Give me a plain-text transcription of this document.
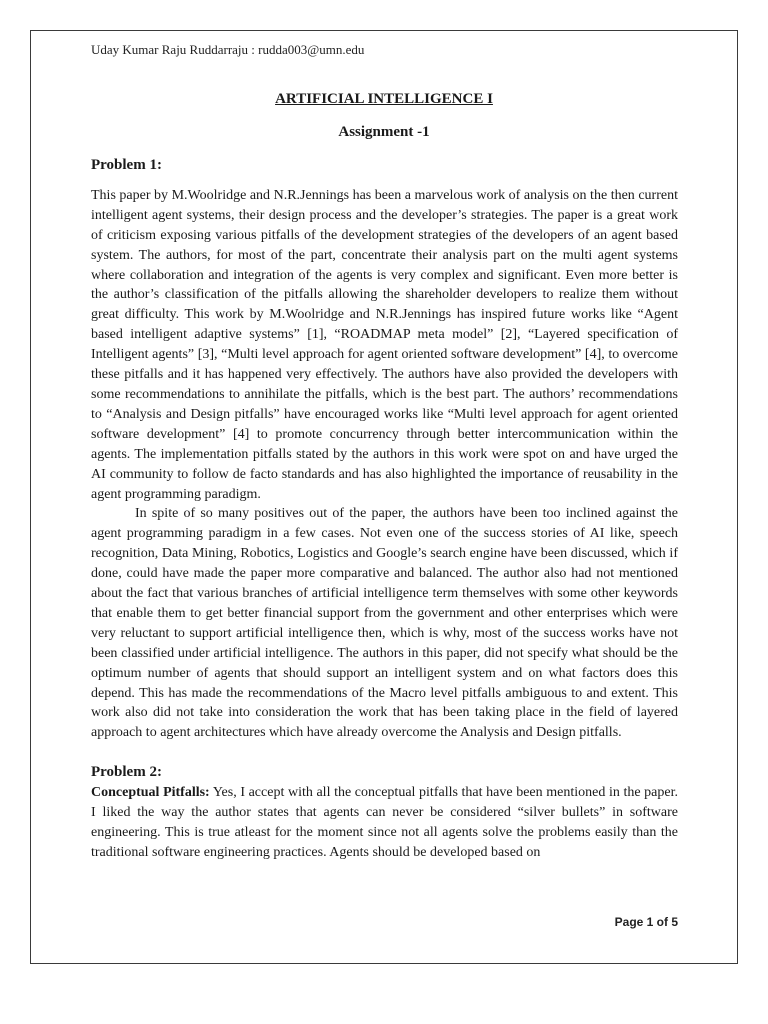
Uday Kumar Raju Ruddarraju : rudda003@umn.edu
ARTIFICIAL INTELLIGENCE I
Assignment -1
Problem 1:

This paper by M.Woolridge and N.R.Jennings has been a marvelous work of analysis on the then current intelligent agent systems, their design process and the developer’s strategies. The paper is a great work of criticism exposing various pitfalls of the development strategies of the developers of an agent based system. The authors, for most of the part, concentrate their analysis part on the multi agent systems where collaboration and integration of the agents is very complex and significant. Even more better is the author’s classification of the pitfalls allowing the shareholder developers to realize them without great difficulty. This work by M.Woolridge and N.R.Jennings has inspired future works like “Agent based intelligent adaptive systems” [1], “ROADMAP meta model” [2], “Layered specification of Intelligent agents” [3], “Multi level approach for agent oriented software development” [4], to overcome these pitfalls and it has happened very effectively. The authors have also provided the developers with some recommendations to annihilate the pitfalls, which is the best part. The authors’ recommendations to “Analysis and Design pitfalls” have encouraged works like “Multi level approach for agent oriented software development” [4] to promote concurrency through better intercommunication within the agents. The implementation pitfalls stated by the authors in this work were spot on and have urged the AI community to follow de facto standards and has also highlighted the importance of reusability in the agent programming paradigm.

In spite of so many positives out of the paper, the authors have been too inclined against the agent programming paradigm in a few cases. Not even one of the success stories of AI like, speech recognition, Data Mining, Robotics, Logistics and Google’s search engine have been discussed, which if done, could have made the paper more comparative and balanced. The author also had not mentioned about the fact that various branches of artificial intelligence term themselves with some other keywords that enable them to get better financial support from the government and other enterprises which were very reluctant to support artificial intelligence then, which is why, most of the success works have not been classified under artificial intelligence. The authors in this paper, did not specify what should be the optimum number of agents that should support an intelligent system and on what factors does this depend. This has made the recommendations of the Macro level pitfalls ambiguous to and extent. This work also did not take into consideration the work that has been taking place in the field of layered approach to agent architectures which have already overcome the Analysis and Design pitfalls.

Problem 2:

Conceptual Pitfalls: Yes, I accept with all the conceptual pitfalls that have been mentioned in the paper. I liked the way the author states that agents can never be considered “silver bullets” in software engineering. This is true atleast for the moment since not all agents solve the problems easily than the traditional software engineering practices. Agents should be developed based on

Page 1 of 5
